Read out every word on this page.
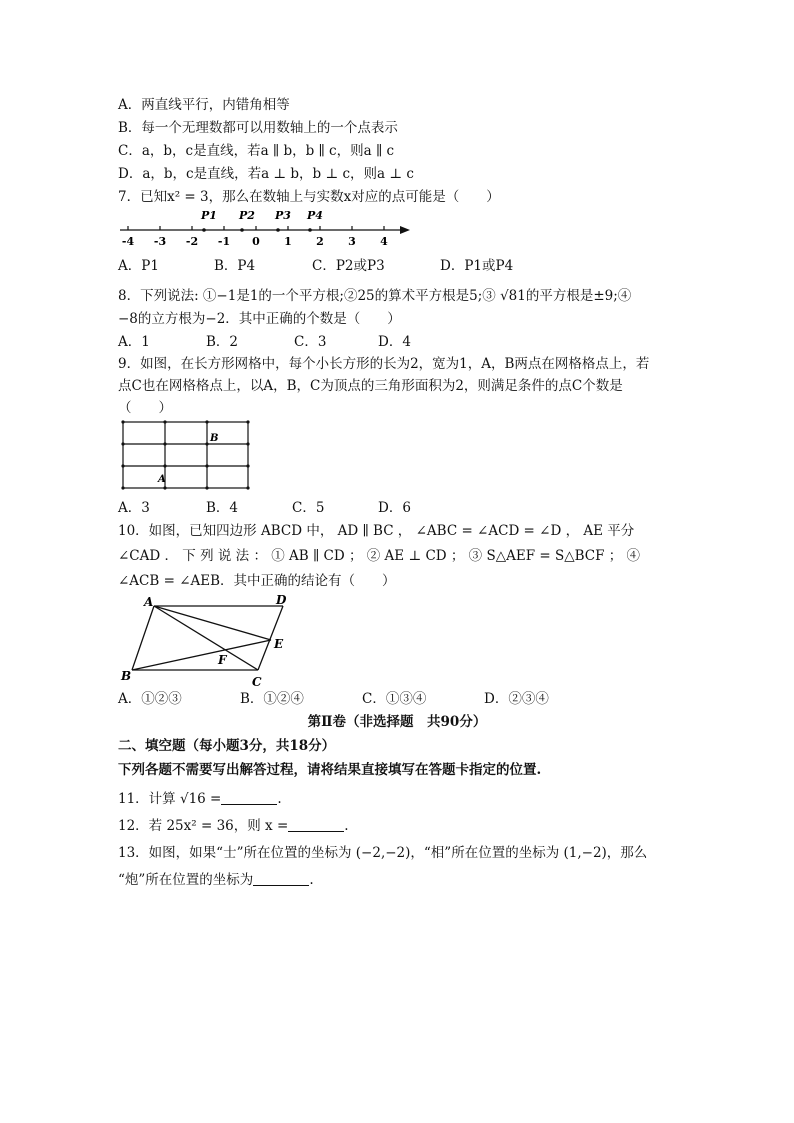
A．两直线平行，内错角相等
B．每一个无理数都可以用数轴上的一个点表示
C．a，b，c是直线，若a ∥ b，b ∥ c，则a ∥ c
D．a，b，c是直线，若a ⊥ b，b ⊥ c，则a ⊥ c
7．已知x² = 3，那么在数轴上与实数x对应的点可能是（　　）
-4 -3 -2 -1 0 1 2 3 4
P1 P2 P3 P4
A．P1	B．P4	C．P2或P3	D．P1或P4
8．下列说法: ①−1是1的一个平方根;②25的算术平方根是5;③ √81的平方根是±9;④
−8的立方根为−2．其中正确的个数是（　　）
A．1	B．2	C．3	D．4
9．如图，在长方形网格中，每个小长方形的长为2，宽为1，A，B两点在网格格点上，若
点C也在网格格点上，以A，B，C为顶点的三角形面积为2，则满足条件的点C个数是
（　　）
A
B
A．3	B．4	C．5	D．6
10．如图，已知四边形 ABCD 中， AD ∥ BC ， ∠ABC = ∠ACD = ∠D ， AE 平分
∠CAD ． 下 列 说 法 ： ① AB ∥ CD ； ② AE ⊥ CD ； ③ S△AEF = S△BCF ； ④
∠ACB = ∠AEB．其中正确的结论有（　　）
A	D
E
F
B	C
A．①②③	B．①②④	C．①③④	D．②③④
第Ⅱ卷（非选择题　共90分）
二、填空题（每小题3分，共18分）
下列各题不需要写出解答过程，请将结果直接填写在答题卡指定的位置.
11．计算 √16 =	.
12．若 25x² = 36，则 x =	.
13．如图，如果“士”所在位置的坐标为 (−2,−2)，“相”所在位置的坐标为 (1,−2)，那么
“炮”所在位置的坐标为	.
